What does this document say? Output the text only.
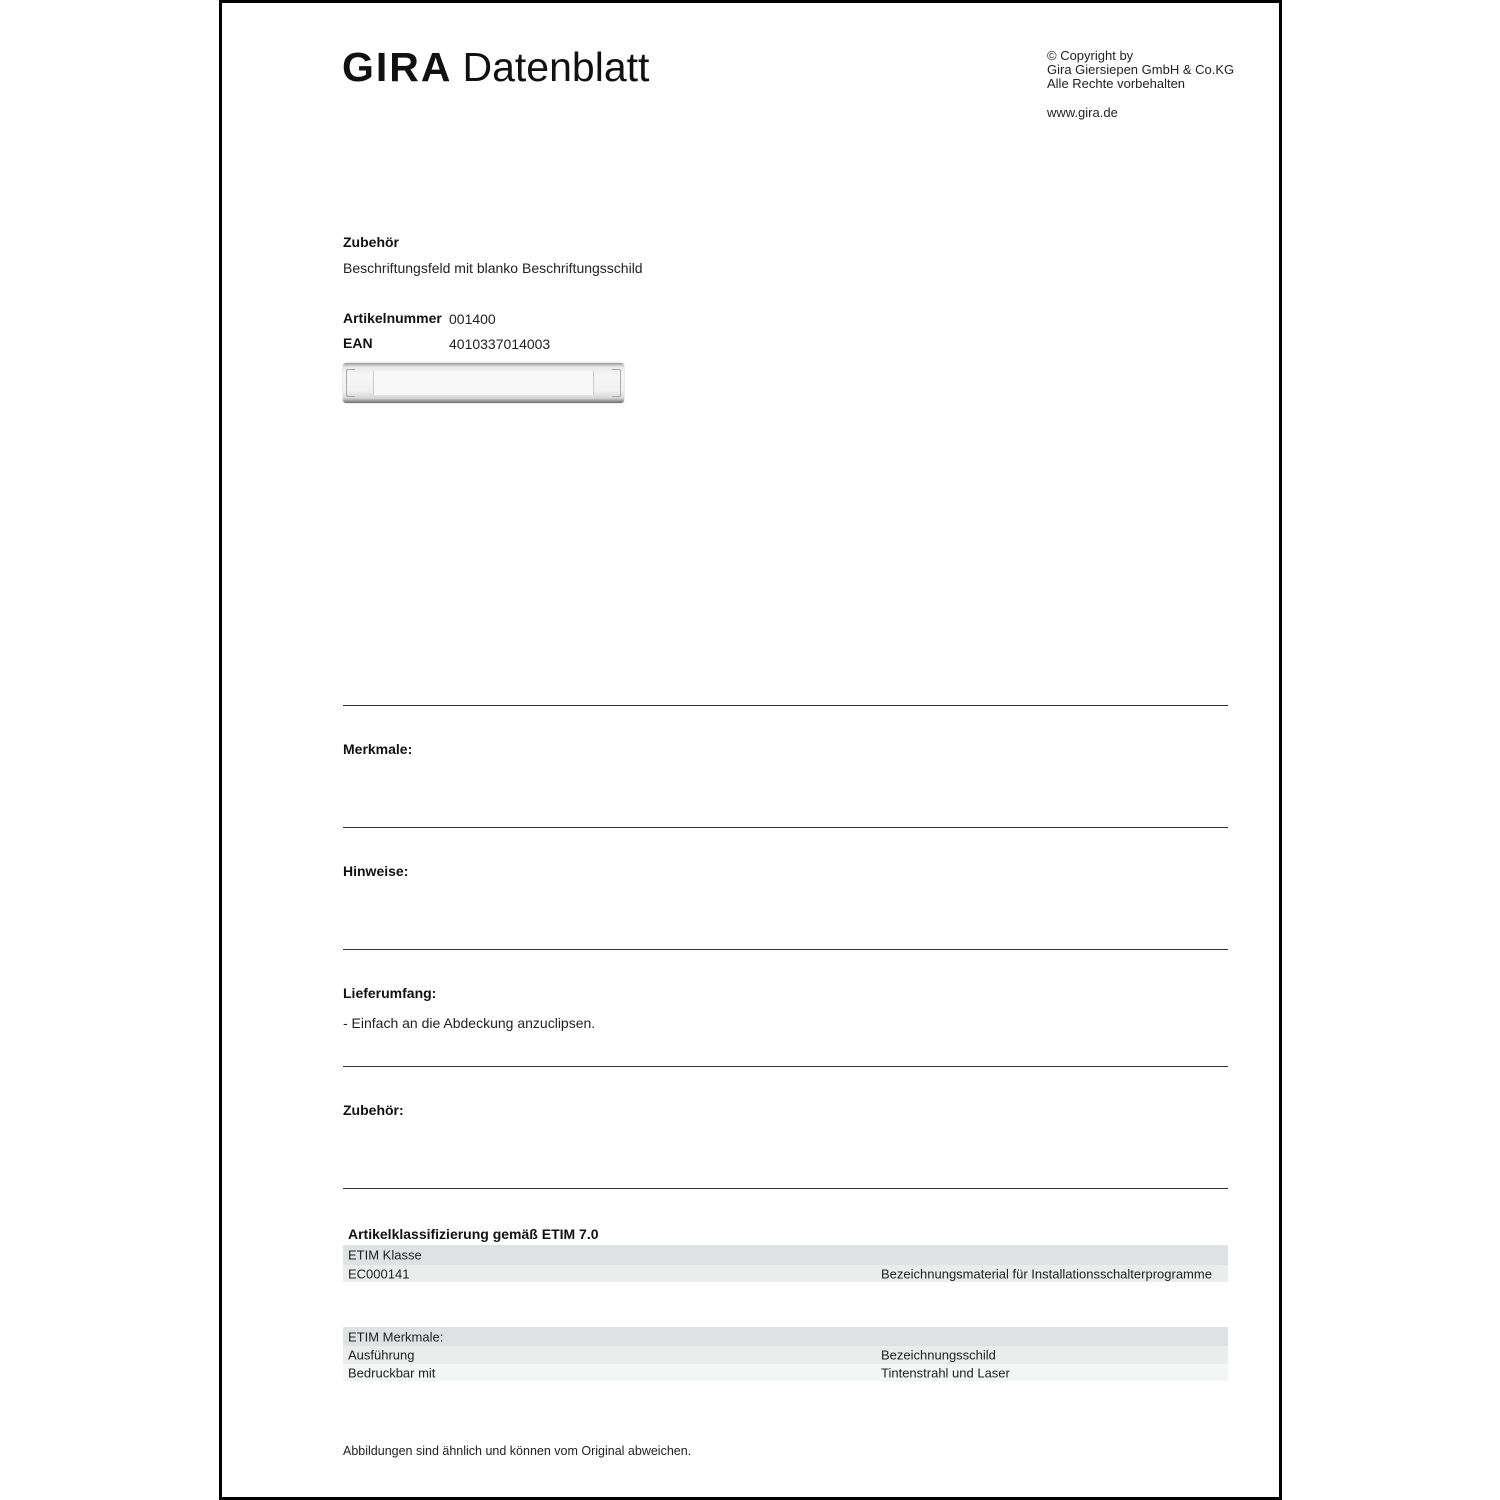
GIRA Datenblatt	© Copyright by
Gira Giersiepen GmbH & Co.KG
Alle Rechte vorbehalten
www.gira.de
Zubehör
Beschriftungsfeld mit blanko Beschriftungsschild
Artikelnummer 001400
EAN	4010337014003
Merkmale:
Hinweise:
Lieferumfang:
- Einfach an die Abdeckung anzuclipsen.
Zubehör:
Artikelklassifizierung gemäß ETIM 7.0
ETIM Klasse
EC000141	Bezeichnungsmaterial für Installationsschalterprogramme
ETIM Merkmale:
Ausführung	Bezeichnungsschild
Bedruckbar mit	Tintenstrahl und Laser
Abbildungen sind ähnlich und können vom Original abweichen.
